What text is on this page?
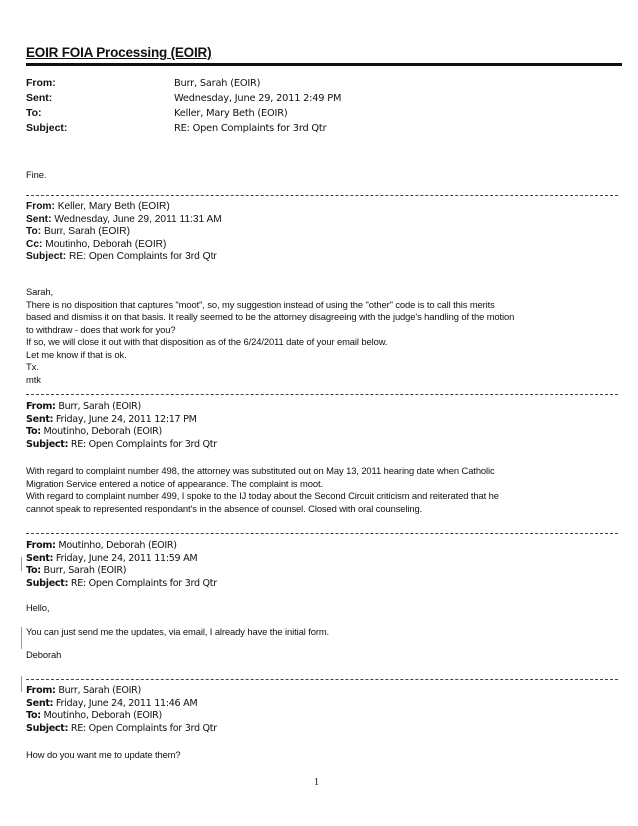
EOIR FOIA Processing (EOIR)
From:	Burr, Sarah (EOIR)
Sent:	Wednesday, June 29, 2011 2:49 PM
To:	Keller, Mary Beth (EOIR)
Subject:	RE: Open Complaints for 3rd Qtr

Fine.

From: Keller, Mary Beth (EOIR)
Sent: Wednesday, June 29, 2011 11:31 AM
To: Burr, Sarah (EOIR)
Cc: Moutinho, Deborah (EOIR)
Subject: RE: Open Complaints for 3rd Qtr

Sarah,

There is no disposition that captures "moot", so, my suggestion instead of using the "other" code is to call this merits

based and dismiss it on that basis. It really seemed to be the attorney disagreeing with the judge's handling of the motion

to withdraw - does that work for you?

If so, we will close it out with that disposition as of the 6/24/2011 date of your email below.

Let me know if that is ok.

Tx.

mtk

From: Burr, Sarah (EOIR)
Sent: Friday, June 24, 2011 12:17 PM
To: Moutinho, Deborah (EOIR)
Subject: RE: Open Complaints for 3rd Qtr

With regard to complaint number 498, the attorney was substituted out on May 13, 2011 hearing date when Catholic

Migration Service entered a notice of appearance. The complaint is moot.

With regard to complaint number 499, I spoke to the IJ today about the Second Circuit criticism and reiterated that he

cannot speak to represented respondant's in the absence of counsel. Closed with oral counseling.

From: Moutinho, Deborah (EOIR)
Sent: Friday, June 24, 2011 11:59 AM
To: Burr, Sarah (EOIR)
Subject: RE: Open Complaints for 3rd Qtr

Hello,

You can just send me the updates, via email, I already have the initial form.

Deborah

From: Burr, Sarah (EOIR)
Sent: Friday, June 24, 2011 11:46 AM
To: Moutinho, Deborah (EOIR)
Subject: RE: Open Complaints for 3rd Qtr

How do you want me to update them?

1
